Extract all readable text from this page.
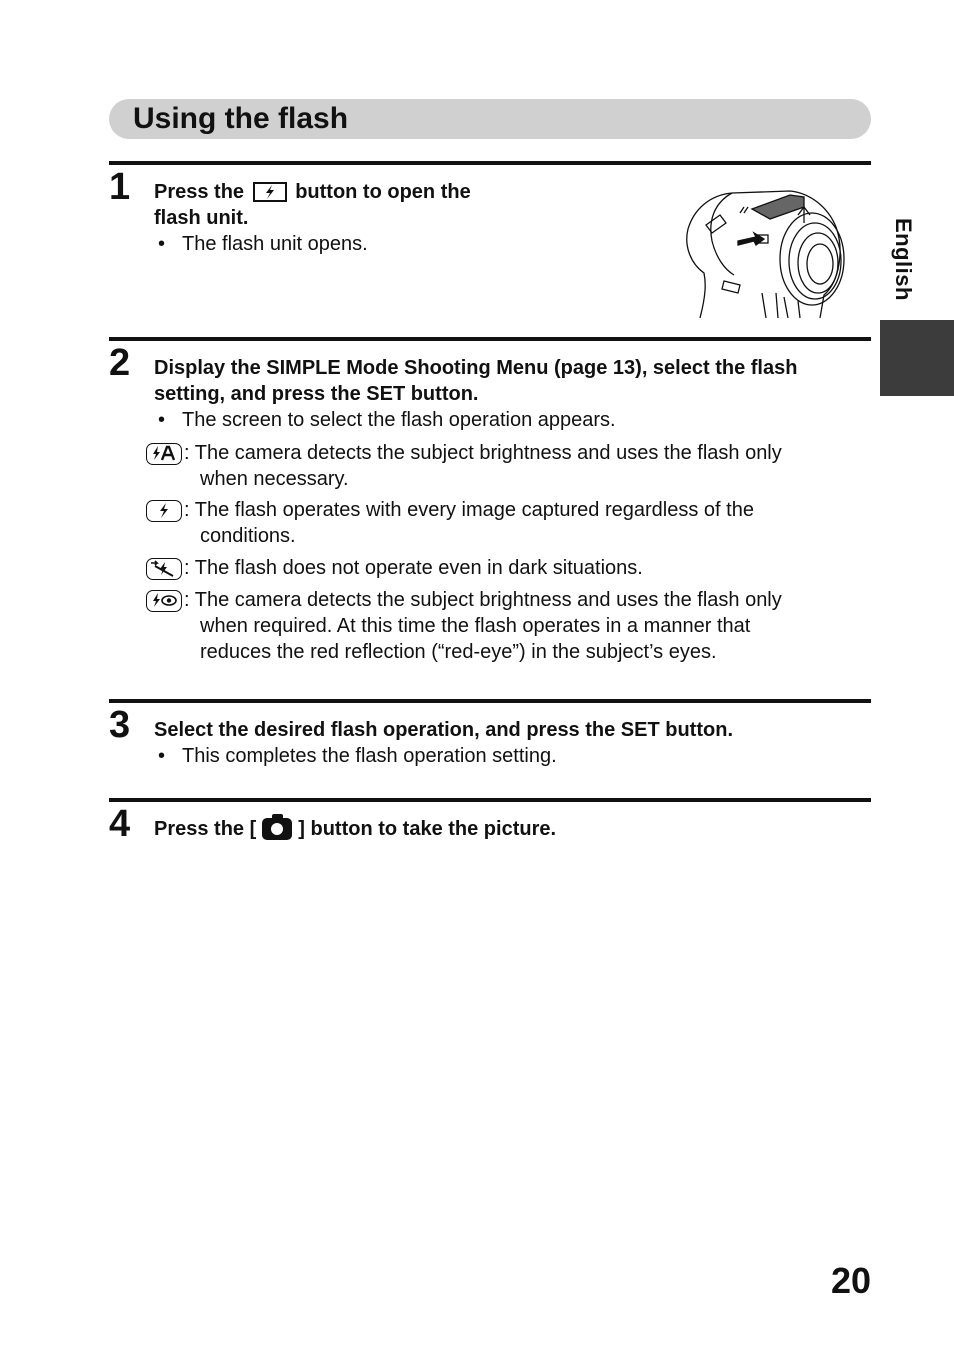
Using the flash
English
1 Press the	button to open the
flash unit.
• The flash unit opens.
2 Display the SIMPLE Mode Shooting Menu (page 13), select the flash
setting, and press the SET button.
• The screen to select the flash operation appears.
: The camera detects the subject brightness and uses the flash only
when necessary.
: The flash operates with every image captured regardless of the
conditions.
: The flash does not operate even in dark situations.
: The camera detects the subject brightness and uses the flash only
when required. At this time the flash operates in a manner that
reduces the red reflection (“red-eye”) in the subject’s eyes.
3 Select the desired flash operation, and press the SET button.
• This completes the flash operation setting.
4 Press the [ ] button to take the picture.
20
